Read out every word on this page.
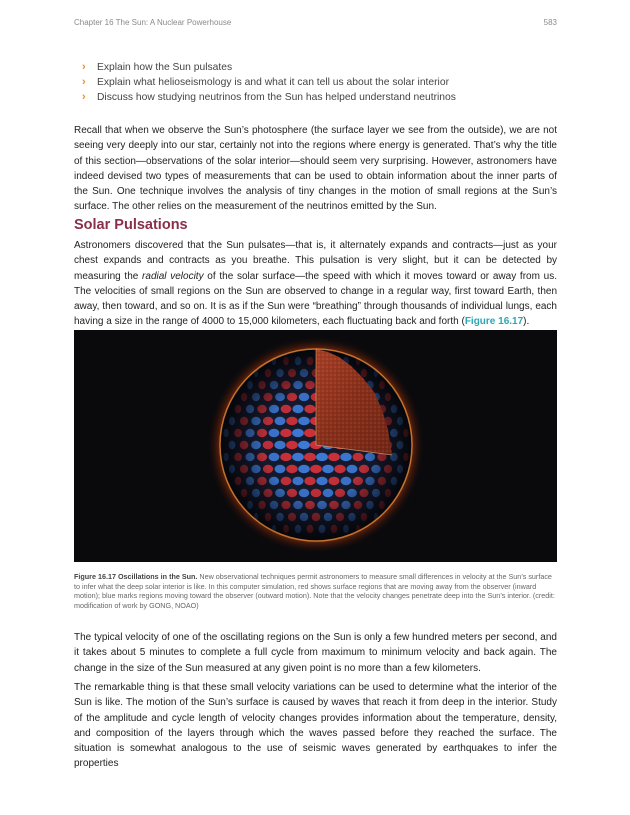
Chapter 16 The Sun: A Nuclear Powerhouse	583
› Explain how the Sun pulsates
› Explain what helioseismology is and what it can tell us about the solar interior
› Discuss how studying neutrinos from the Sun has helped understand neutrinos

Recall that when we observe the Sun’s photosphere (the surface layer we see from the outside), we are not seeing very deeply into our star, certainly not into the regions where energy is generated. That’s why the title of this section—observations of the solar interior—should seem very surprising. However, astronomers have indeed devised two types of measurements that can be used to obtain information about the inner parts of the Sun. One technique involves the analysis of tiny changes in the motion of small regions at the Sun’s surface. The other relies on the measurement of the neutrinos emitted by the Sun.

Solar Pulsations

Astronomers discovered that the Sun pulsates—that is, it alternately expands and contracts—just as your chest expands and contracts as you breathe. This pulsation is very slight, but it can be detected by measuring the radial velocity of the solar surface—the speed with which it moves toward or away from us. The velocities of small regions on the Sun are observed to change in a regular way, first toward Earth, then away, then toward, and so on. It is as if the Sun were “breathing” through thousands of individual lungs, each having a size in the range of 4000 to 15,000 kilometers, each fluctuating back and forth (Figure 16.17).

Figure 16.17 Oscillations in the Sun. New observational techniques permit astronomers to measure small differences in velocity at the Sun’s surface to infer what the deep solar interior is like. In this computer simulation, red shows surface regions that are moving away from the observer (inward motion); blue marks regions moving toward the observer (outward motion). Note that the velocity changes penetrate deep into the Sun’s interior. (credit: modification of work by GONG, NOAO)

The typical velocity of one of the oscillating regions on the Sun is only a few hundred meters per second, and it takes about 5 minutes to complete a full cycle from maximum to minimum velocity and back again. The change in the size of the Sun measured at any given point is no more than a few kilometers.

The remarkable thing is that these small velocity variations can be used to determine what the interior of the Sun is like. The motion of the Sun’s surface is caused by waves that reach it from deep in the interior. Study of the amplitude and cycle length of velocity changes provides information about the temperature, density, and composition of the layers through which the waves passed before they reached the surface. The situation is somewhat analogous to the use of seismic waves generated by earthquakes to infer the properties
